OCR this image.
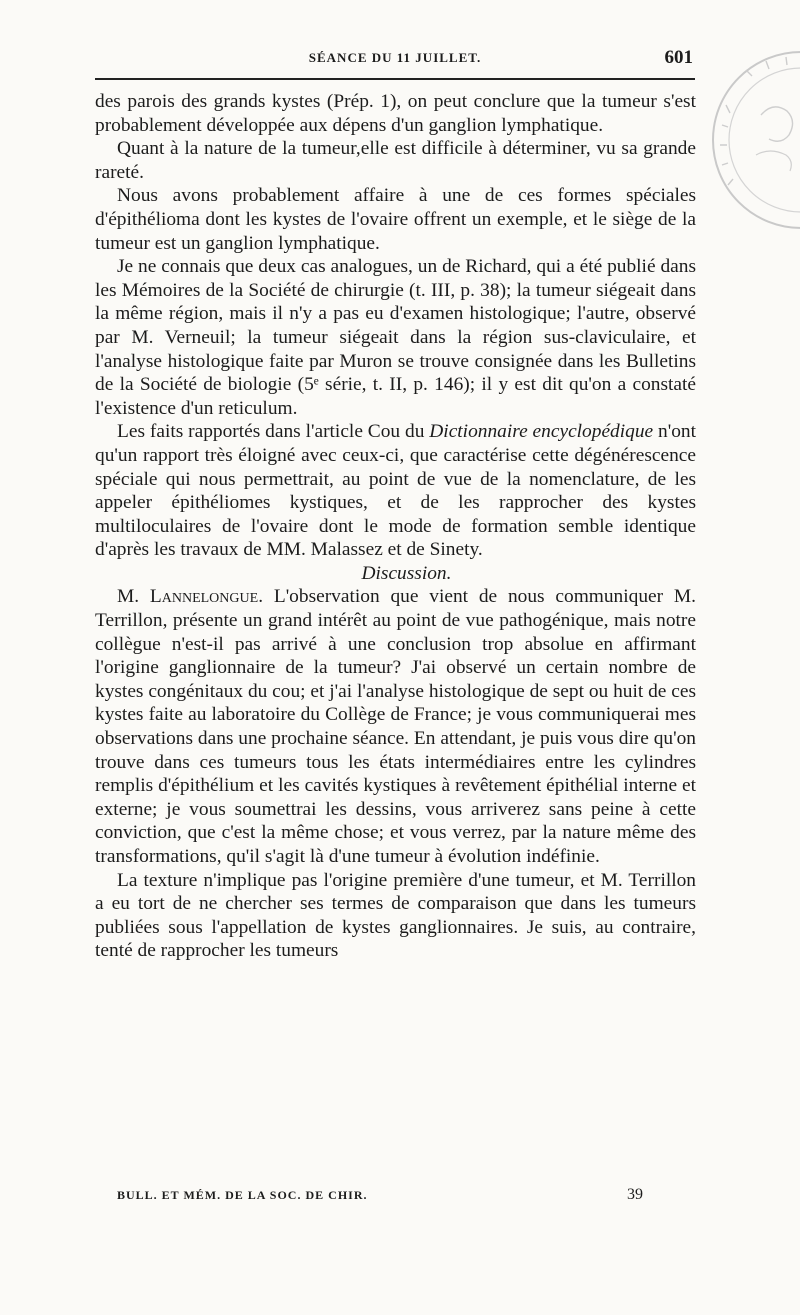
SÉANCE DU 11 JUILLET.	601

des parois des grands kystes (Prép. 1), on peut conclure que la tumeur s'est probablement développée aux dépens d'un ganglion lymphatique.

Quant à la nature de la tumeur,elle est difficile à déterminer, vu sa grande rareté.

Nous avons probablement affaire à une de ces formes spéciales d'épithélioma dont les kystes de l'ovaire offrent un exemple, et le siège de la tumeur est un ganglion lymphatique.

Je ne connais que deux cas analogues, un de Richard, qui a été publié dans les Mémoires de la Société de chirurgie (t. III, p. 38); la tumeur siégeait dans la même région, mais il n'y a pas eu d'examen histologique; l'autre, observé par M. Verneuil; la tumeur siégeait dans la région sus-claviculaire, et l'analyse histologique faite par Muron se trouve consignée dans les Bulletins de la Société de biologie (5ᵉ série, t. II, p. 146); il y est dit qu'on a constaté l'existence d'un reticulum.

Les faits rapportés dans l'article Cou du Dictionnaire encyclopédique n'ont qu'un rapport très éloigné avec ceux-ci, que caractérise cette dégénérescence spéciale qui nous permettrait, au point de vue de la nomenclature, de les appeler épithéliomes kystiques, et de les rapprocher des kystes multiloculaires de l'ovaire dont le mode de formation semble identique d'après les travaux de MM. Malassez et de Sinety.

Discussion.

M. Lannelongue. L'observation que vient de nous communiquer M. Terrillon, présente un grand intérêt au point de vue pathogénique, mais notre collègue n'est-il pas arrivé à une conclusion trop absolue en affirmant l'origine ganglionnaire de la tumeur? J'ai observé un certain nombre de kystes congénitaux du cou; et j'ai l'analyse histologique de sept ou huit de ces kystes faite au laboratoire du Collège de France; je vous communiquerai mes observations dans une prochaine séance. En attendant, je puis vous dire qu'on trouve dans ces tumeurs tous les états intermédiaires entre les cylindres remplis d'épithélium et les cavités kystiques à revêtement épithélial interne et externe; je vous soumettrai les dessins, vous arriverez sans peine à cette conviction, que c'est la même chose; et vous verrez, par la nature même des transformations, qu'il s'agit là d'une tumeur à évolution indéfinie.

La texture n'implique pas l'origine première d'une tumeur, et M. Terrillon a eu tort de ne chercher ses termes de comparaison que dans les tumeurs publiées sous l'appellation de kystes ganglionnaires. Je suis, au contraire, tenté de rapprocher les tumeurs

BULL. ET MÉM. DE LA SOC. DE CHIR.	39
